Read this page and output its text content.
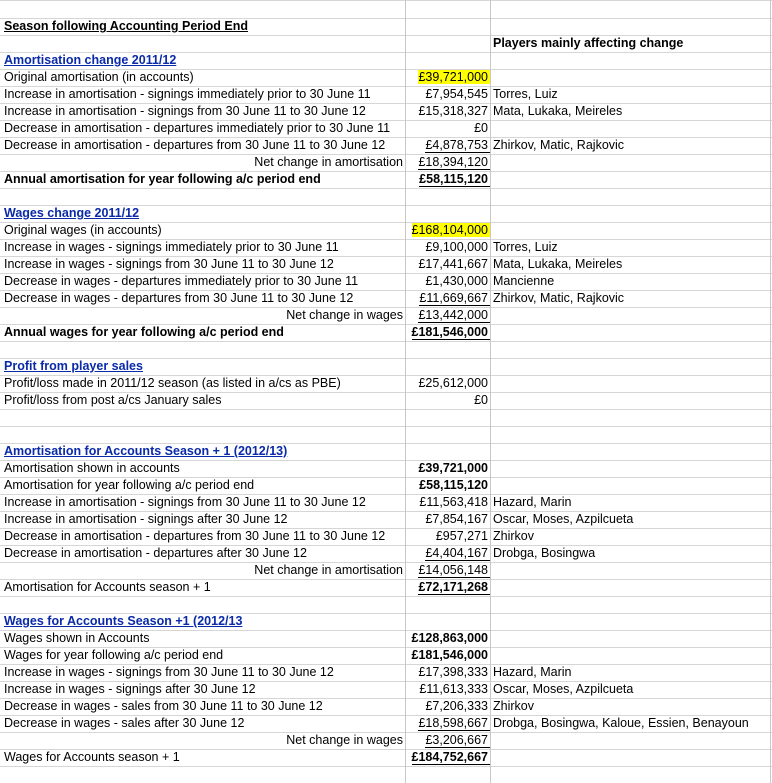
Season following Accounting Period End
Players mainly affecting change
Amortisation change 2011/12
Original amortisation (in accounts)	£39,721,000
Increase in amortisation - signings immediately prior to 30 June 11	£7,954,545 Torres, Luiz
Increase in amortisation - signings from 30 June 11 to 30 June 12	£15,318,327 Mata, Lukaka, Meireles
Decrease in amortisation - departures immediately prior to 30 June 11	£0
Decrease in amortisation - departures from 30 June 11 to 30 June 12	£4,878,753 Zhirkov, Matic, Rajkovic
Net change in amortisation	£18,394,120
Annual amortisation for year following a/c period end	£58,115,120
Wages change 2011/12
Original wages (in accounts)	£168,104,000
Increase in wages - signings immediately prior to 30 June 11	£9,100,000 Torres, Luiz
Increase in wages - signings from 30 June 11 to 30 June 12	£17,441,667 Mata, Lukaka, Meireles
Decrease in wages - departures immediately prior to 30 June 11	£1,430,000 Mancienne
Decrease in wages - departures from 30 June 11 to 30 June 12	£11,669,667 Zhirkov, Matic, Rajkovic
Net change in wages	£13,442,000
Annual wages for year following a/c period end	£181,546,000
Profit from player sales
Profit/loss made in 2011/12 season (as listed in a/cs as PBE)	£25,612,000
Profit/loss from post a/cs January sales	£0
Amortisation for Accounts Season + 1 (2012/13)
Amortisation shown in accounts	£39,721,000
Amortisation for year following a/c period end	£58,115,120
Increase in amortisation - signings from 30 June 11 to 30 June 12	£11,563,418 Hazard, Marin
Increase in amortisation - signings after 30 June 12	£7,854,167 Oscar, Moses, Azpilcueta
Decrease in amortisation - departures from 30 June 11 to 30 June 12	£957,271 Zhirkov
Decrease in amortisation - departures after 30 June 12	£4,404,167 Drobga, Bosingwa
Net change in amortisation	£14,056,148
Amortisation for Accounts season + 1	£72,171,268
Wages for Accounts Season +1 (2012/13
Wages shown in Accounts	£128,863,000
Wages for year following a/c period end	£181,546,000
Increase in wages - signings from 30 June 11 to 30 June 12	£17,398,333 Hazard, Marin
Increase in wages - signings after 30 June 12	£11,613,333 Oscar, Moses, Azpilcueta
Decrease in wages - sales from 30 June 11 to 30 June 12	£7,206,333 Zhirkov
Decrease in wages - sales after 30 June 12	£18,598,667 Drobga, Bosingwa, Kaloue, Essien, Benayoun
Net change in wages	£3,206,667
Wages for Accounts season + 1	£184,752,667
